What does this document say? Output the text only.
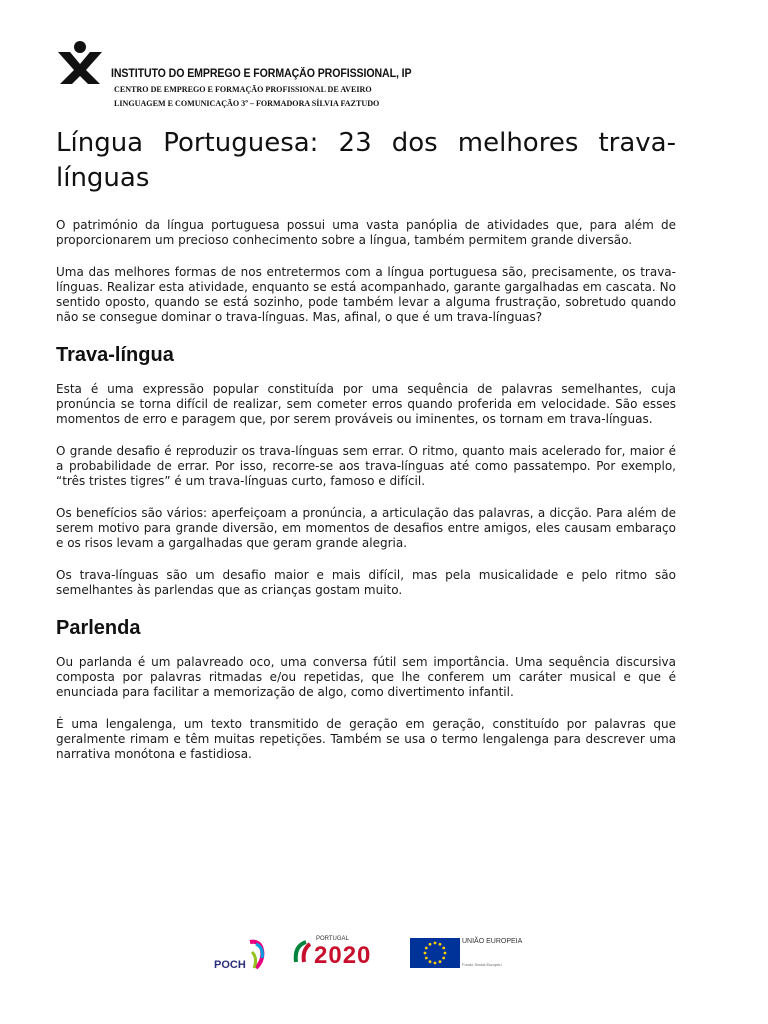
INSTITUTO DO EMPREGO E FORMAÇÃO PROFISSIONAL, IP
CENTRO DE EMPREGO E FORMAÇÃO PROFISSIONAL DE AVEIRO
LINGUAGEM E COMUNICAÇÃO 3º – FORMADORA SÍLVIA FAZTUDO
Língua Portuguesa: 23 dos melhores trava-línguas

O património da língua portuguesa possui uma vasta panóplia de atividades que, para além de proporcionarem um precioso conhecimento sobre a língua, também permitem grande diversão.

Uma das melhores formas de nos entretermos com a língua portuguesa são, precisamente, os trava-línguas. Realizar esta atividade, enquanto se está acompanhado, garante gargalhadas em cascata. No sentido oposto, quando se está sozinho, pode também levar a alguma frustração, sobretudo quando não se consegue dominar o trava-línguas. Mas, afinal, o que é um trava-línguas?

Trava-língua

Esta é uma expressão popular constituída por uma sequência de palavras semelhantes, cuja pronúncia se torna difícil de realizar, sem cometer erros quando proferida em velocidade. São esses momentos de erro e paragem que, por serem prováveis ou iminentes, os tornam em trava-línguas.

O grande desafio é reproduzir os trava-línguas sem errar. O ritmo, quanto mais acelerado for, maior é a probabilidade de errar. Por isso, recorre-se aos trava-línguas até como passatempo. Por exemplo, “três tristes tigres” é um trava-línguas curto, famoso e difícil.

Os benefícios são vários: aperfeiçoam a pronúncia, a articulação das palavras, a dicção. Para além de serem motivo para grande diversão, em momentos de desafios entre amigos, eles causam embaraço e os risos levam a gargalhadas que geram grande alegria.

Os trava-línguas são um desafio maior e mais difícil, mas pela musicalidade e pelo ritmo são semelhantes às parlendas que as crianças gostam muito.

Parlenda

Ou parlanda é um palavreado oco, uma conversa fútil sem importância. Uma sequência discursiva composta por palavras ritmadas e/ou repetidas, que lhe conferem um caráter musical e que é enunciada para facilitar a memorização de algo, como divertimento infantil.

É uma lengalenga, um texto transmitido de geração em geração, constituído por palavras que geralmente rimam e têm muitas repetições. Também se usa o termo lengalenga para descrever uma narrativa monótona e fastidiosa.

POCH
PORTUGAL
2020
UNIÃO EUROPEIA
Fundo Social Europeu
